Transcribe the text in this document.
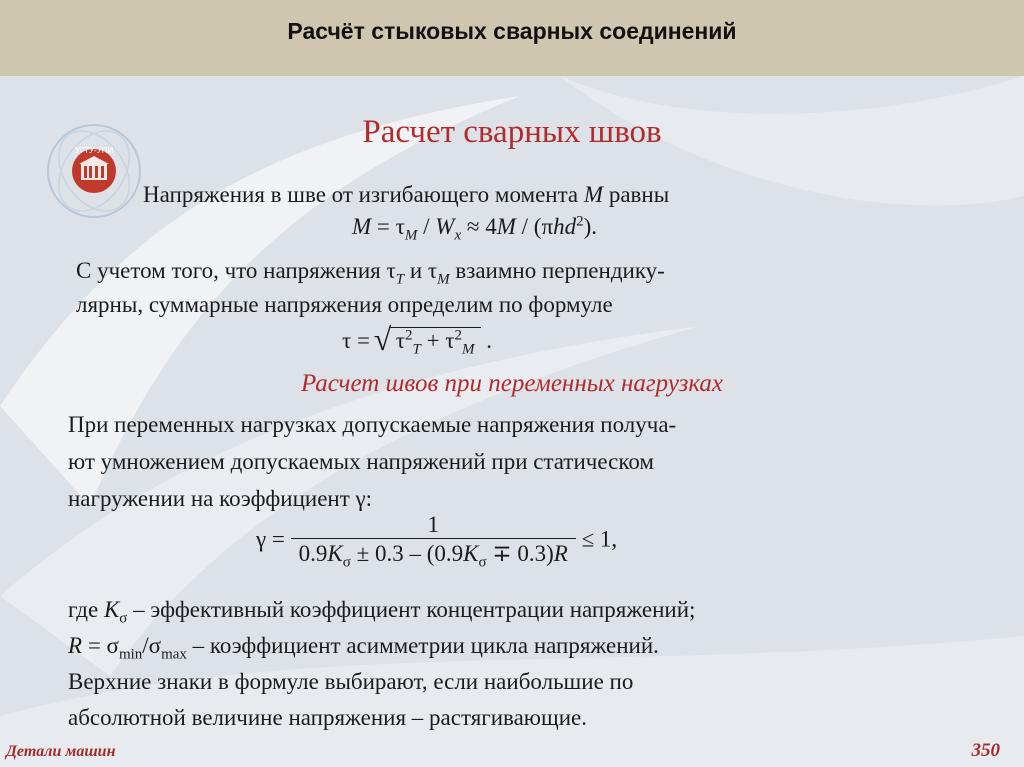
Расчёт стыковых сварных соединений
УГТУ-УПИ
Расчет сварных швов
Напряжения в шве от изгибающего момента M равны
$M = \tau_M / W_x \approx 4M / (\pi hd^2)$.
С учетом того, что напряжения $\tau_T$ и $\tau_M$ взаимно перпендику-
лярны, суммарные напряжения определим по формуле
τ = √ $\tau^2_T + \tau^2_M$ .
Расчет швов при переменных нагрузках
При переменных нагрузках допускаемые напряжения получа-
ют умножением допускаемых напряжений при статическом
нагружении на коэффициент γ:
$\gamma = \frac{1}{0.9K_\sigma \pm 0.3 - (0.9K_\sigma \mp 0.3)R} \le 1$,
где $K_\sigma$ – эффективный коэффициент концентрации напряжений;
$R = \sigma_{min}/\sigma_{max}$ – коэффициент асимметрии цикла напряжений.
Верхние знаки в формуле выбирают, если наибольшие по
абсолютной величине напряжения – растягивающие.
Детали машин	350
